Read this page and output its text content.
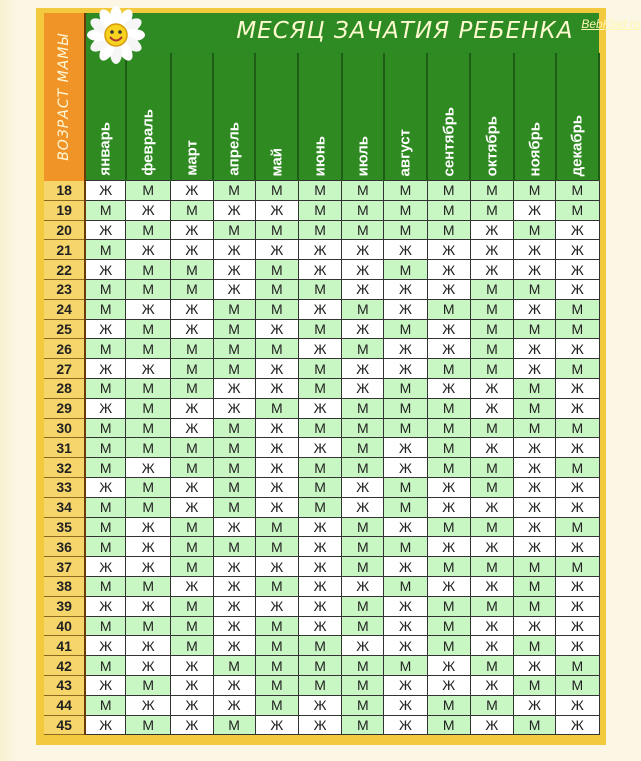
ВОЗРАСТ МАМЫ	МЕСЯЦ ЗАЧАТИЯ РЕБЕНКА BebKlad.ru											

	январь	февраль	март	апрель	май	июнь	июль	август	сентябрь	октябрь	ноябрь	декабрь

18	Ж	М	Ж	М	М	М	М	М	М	М	М	М
19	М	Ж	М	Ж	Ж	М	М	М	М	М	Ж	М
20	Ж	М	Ж	М	М	М	М	М	М	Ж	М	Ж
21	М	Ж	Ж	Ж	Ж	Ж	Ж	Ж	Ж	Ж	Ж	Ж
22	Ж	М	М	Ж	М	Ж	Ж	М	Ж	Ж	Ж	Ж
23	М	М	М	Ж	М	М	Ж	Ж	Ж	М	М	Ж
24	М	Ж	Ж	М	М	Ж	М	Ж	М	М	Ж	М
25	Ж	М	Ж	М	Ж	М	Ж	М	Ж	М	М	М
26	М	М	М	М	М	Ж	М	Ж	Ж	М	Ж	Ж
27	Ж	Ж	М	М	Ж	М	Ж	Ж	М	М	Ж	М
28	М	М	М	Ж	Ж	М	Ж	М	Ж	Ж	М	Ж
29	Ж	М	Ж	Ж	М	Ж	М	М	М	Ж	М	Ж
30	М	М	Ж	М	Ж	М	М	М	М	М	М	М
31	М	М	М	М	Ж	Ж	М	Ж	М	Ж	Ж	Ж
32	М	Ж	М	М	Ж	М	М	Ж	М	М	Ж	М
33	Ж	М	Ж	М	Ж	М	Ж	М	Ж	М	Ж	Ж
34	М	М	Ж	М	Ж	М	Ж	М	Ж	Ж	Ж	Ж
35	М	Ж	М	Ж	М	Ж	М	Ж	М	М	Ж	М
36	М	Ж	М	М	М	Ж	М	М	Ж	Ж	Ж	Ж
37	Ж	Ж	М	Ж	Ж	Ж	М	Ж	М	М	М	М
38	М	М	Ж	Ж	М	Ж	Ж	М	Ж	Ж	М	Ж
39	Ж	Ж	М	Ж	Ж	Ж	М	Ж	М	М	М	Ж
40	М	М	М	Ж	М	Ж	М	Ж	М	Ж	Ж	Ж
41	Ж	Ж	М	Ж	М	М	Ж	Ж	М	Ж	М	Ж
42	М	Ж	Ж	М	М	М	М	М	Ж	М	Ж	М
43	Ж	М	Ж	Ж	М	М	М	Ж	Ж	Ж	М	М
44	М	Ж	Ж	Ж	М	Ж	М	Ж	М	М	Ж	Ж
45	Ж	М	Ж	М	Ж	Ж	М	Ж	М	Ж	М	Ж
